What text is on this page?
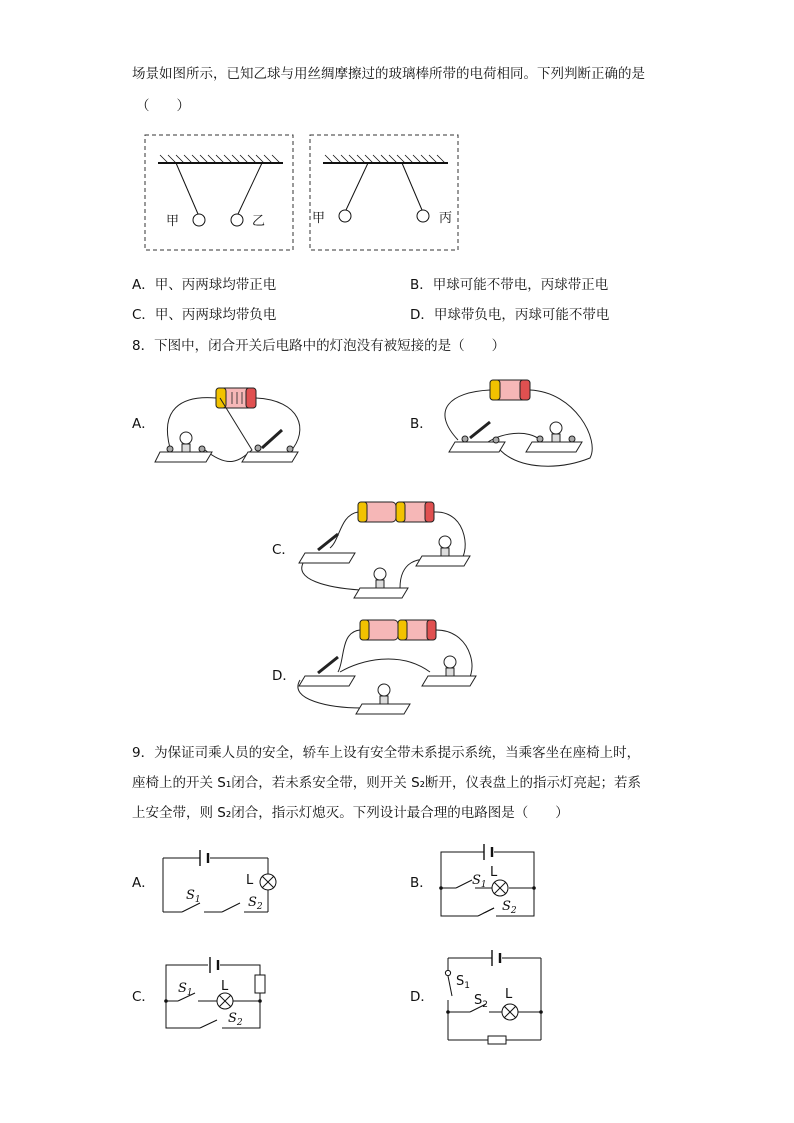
场景如图所示，已知乙球与用丝绸摩擦过的玻璃棒所带的电荷相同。下列判断正确的是
（　　）
甲	乙	甲	丙
A．甲、丙两球均带正电	B．甲球可能不带电，丙球带正电
C．甲、丙两球均带负电	D．甲球带负电，丙球可能不带电
8．下图中，闭合开关后电路中的灯泡没有被短接的是（　　）
A．	B．
C．
D．
9．为保证司乘人员的安全，轿车上设有安全带未系提示系统，当乘客坐在座椅上时，
座椅上的开关 S₁闭合，若未系安全带，则开关 S₂断开，仪表盘上的指示灯亮起；若系
上安全带，则 S₂闭合，指示灯熄灭。下列设计最合理的电路图是（　　）
A．	B．
C．	D．
L
$S_1$	$S_2$
L
$S_1$
$S_2$
L
$S_1$
$S_2$
L
$S_1$
$S_2$
